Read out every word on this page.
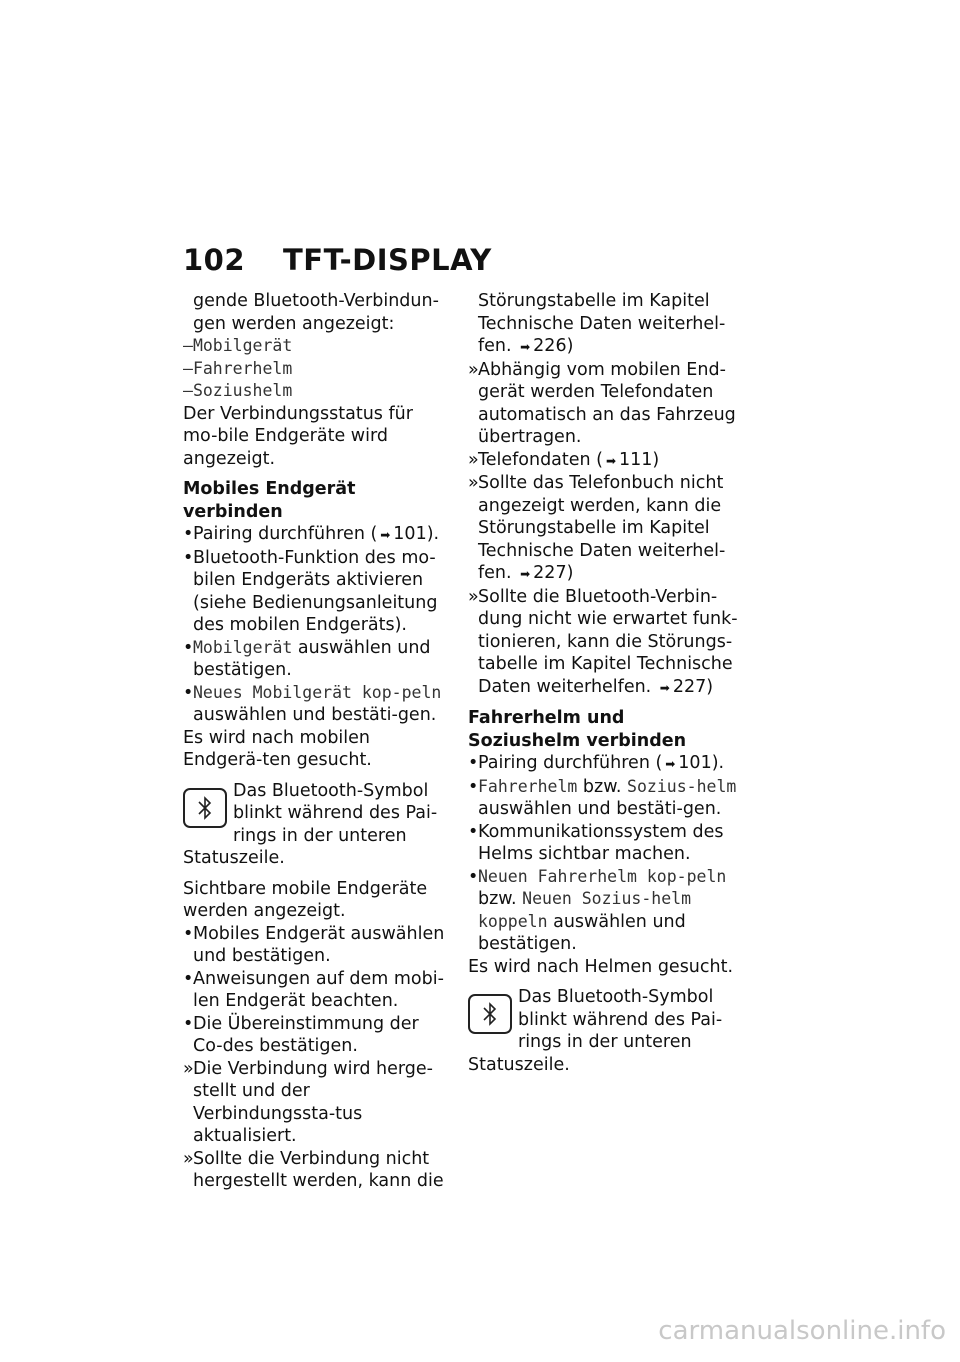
102 TFT-DISPLAY
gende Bluetooth-Verbindun-
gen werden angezeigt:
–Mobilgerät
–Fahrerhelm
–Soziushelm
Der Verbindungsstatus für mo-bile Endgeräte wird angezeigt.
Mobiles Endgerät verbinden
• Pairing durchführen ( ➡ 101).
• Bluetooth-Funktion des mo-bilen Endgeräts aktivieren (siehe Bedienungsanleitung des mobilen Endgeräts).
• Mobilgerät auswählen und bestätigen.
• Neues Mobilgerät kop-peln auswählen und bestäti-gen.
Es wird nach mobilen Endgerä-ten gesucht.
Das Bluetooth-Symbol blinkt während des Pai-rings in der unteren Statuszeile.
Sichtbare mobile Endgeräte werden angezeigt.
• Mobiles Endgerät auswählen und bestätigen.
• Anweisungen auf dem mobi-len Endgerät beachten.
• Die Übereinstimmung der Co-des bestätigen.
» Die Verbindung wird herge-stellt und der Verbindungssta-tus aktualisiert.
» Sollte die Verbindung nicht hergestellt werden, kann die
Störungstabelle im Kapitel Technische Daten weiterhel-fen. ➡ 226)
» Abhängig vom mobilen End-gerät werden Telefondaten automatisch an das Fahrzeug übertragen.
» Telefondaten ( ➡ 111)
» Sollte das Telefonbuch nicht angezeigt werden, kann die Störungstabelle im Kapitel Technische Daten weiterhel-fen. ➡ 227)
» Sollte die Bluetooth-Verbin-dung nicht wie erwartet funk-tionieren, kann die Störungs-tabelle im Kapitel Technische Daten weiterhelfen. ➡ 227)
Fahrerhelm und Soziushelm verbinden
• Pairing durchführen ( ➡ 101).
• Fahrerhelm bzw. Sozius-helm auswählen und bestäti-gen.
• Kommunikationssystem des Helms sichtbar machen.
• Neuen Fahrerhelm kop-peln bzw. Neuen Sozius-helm koppeln auswählen und bestätigen.
Es wird nach Helmen gesucht.
Das Bluetooth-Symbol blinkt während des Pai-rings in der unteren Statuszeile.
carmanualsonline.info
